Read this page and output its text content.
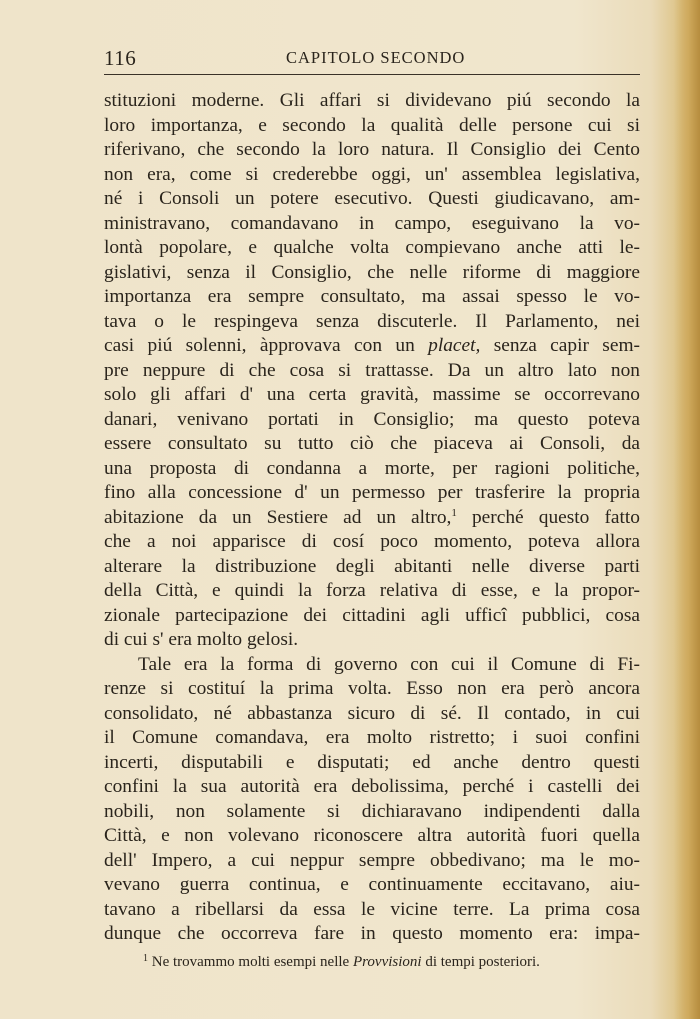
116	CAPITOLO SECONDO
stituzioni moderne. Gli affari si dividevano piú secondo la
loro importanza, e secondo la qualità delle persone cui si
riferivano, che secondo la loro natura. Il Consiglio dei Cento
non era, come si crederebbe oggi, un' assemblea legislativa,
né i Consoli un potere esecutivo. Questi giudicavano, am-
ministravano, comandavano in campo, eseguivano la vo-
lontà popolare, e qualche volta compievano anche atti le-
gislativi, senza il Consiglio, che nelle riforme di maggiore
importanza era sempre consultato, ma assai spesso le vo-
tava o le respingeva senza discuterle. Il Parlamento, nei
casi piú solenni, àpprovava con un placet, senza capir sem-
pre neppure di che cosa si trattasse. Da un altro lato non
solo gli affari d' una certa gravità, massime se occorrevano
danari, venivano portati in Consiglio; ma questo poteva
essere consultato su tutto ciò che piaceva ai Consoli, da
una proposta di condanna a morte, per ragioni politiche,
fino alla concessione d' un permesso per trasferire la propria
abitazione da un Sestiere ad un altro,$^1$ perché questo fatto
che a noi apparisce di cosí poco momento, poteva allora
alterare la distribuzione degli abitanti nelle diverse parti
della Città, e quindi la forza relativa di esse, e la propor-
zionale partecipazione dei cittadini agli ufficî pubblici, cosa
di cui s' era molto gelosi.
Tale era la forma di governo con cui il Comune di Fi-
renze si costituí la prima volta. Esso non era però ancora
consolidato, né abbastanza sicuro di sé. Il contado, in cui
il Comune comandava, era molto ristretto; i suoi confini
incerti, disputabili e disputati; ed anche dentro questi
confini la sua autorità era debolissima, perché i castelli dei
nobili, non solamente si dichiaravano indipendenti dalla
Città, e non volevano riconoscere altra autorità fuori quella
dell' Impero, a cui neppur sempre obbedivano; ma le mo-
vevano guerra continua, e continuamente eccitavano, aiu-
tavano a ribellarsi da essa le vicine terre. La prima cosa
dunque che occorreva fare in questo momento era: impa-
$^1$ Ne trovammo molti esempi nelle Provvisioni di tempi posteriori.
